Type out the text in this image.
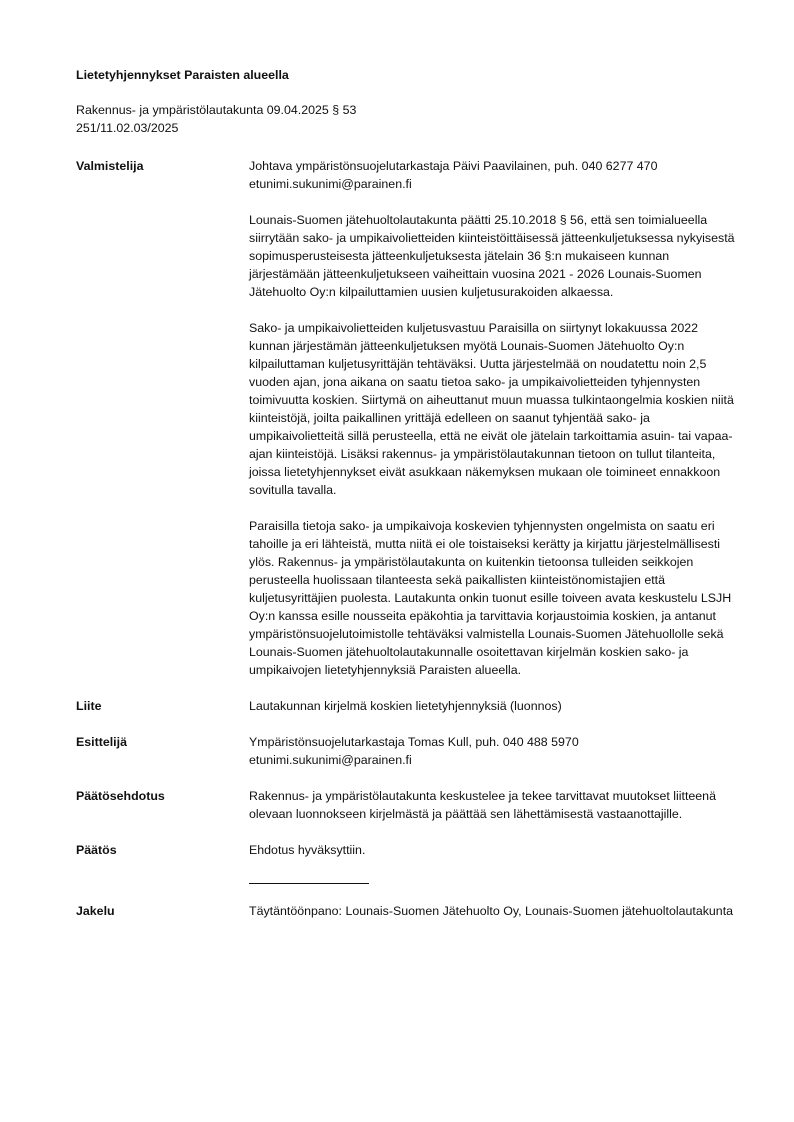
Lietetyhjennykset Paraisten alueella
Rakennus- ja ympäristölautakunta 09.04.2025 § 53
251/11.02.03/2025
Valmistelija	Johtava ympäristönsuojelutarkastaja Päivi Paavilainen, puh. 040 6277 470
etunimi.sukunimi@parainen.fi

Lounais-Suomen jätehuoltolautakunta päätti 25.10.2018 § 56, että sen toimialueella siirrytään sako- ja umpikaivolietteiden kiinteistöittäisessä jätteenkuljetuksessa nykyisestä sopimusperusteisesta jätteenkuljetuksesta jätelain 36 §:n mukaiseen kunnan järjestämään jätteenkuljetukseen vaiheittain vuosina 2021 - 2026 Lounais-Suomen Jätehuolto Oy:n kilpailuttamien uusien kuljetusurakoiden alkaessa.

Sako- ja umpikaivolietteiden kuljetusvastuu Paraisilla on siirtynyt lokakuussa 2022 kunnan järjestämän jätteenkuljetuksen myötä Lounais-Suomen Jätehuolto Oy:n kilpailuttaman kuljetusyrittäjän tehtäväksi. Uutta järjestelmää on noudatettu noin 2,5 vuoden ajan, jona aikana on saatu tietoa sako- ja umpikaivolietteiden tyhjennysten toimivuutta koskien. Siirtymä on aiheuttanut muun muassa tulkintaongelmia koskien niitä kiinteistöjä, joilta paikallinen yrittäjä edelleen on saanut tyhjentää sako- ja umpikaivolietteitä sillä perusteella, että ne eivät ole jätelain tarkoittamia asuin- tai vapaa-ajan kiinteistöjä. Lisäksi rakennus- ja ympäristölautakunnan tietoon on tullut tilanteita, joissa lietetyhjennykset eivät asukkaan näkemyksen mukaan ole toimineet ennakkoon sovitulla tavalla.

Paraisilla tietoja sako- ja umpikaivoja koskevien tyhjennysten ongelmista on saatu eri tahoille ja eri lähteistä, mutta niitä ei ole toistaiseksi kerätty ja kirjattu järjestelmällisesti ylös. Rakennus- ja ympäristölautakunta on kuitenkin tietoonsa tulleiden seikkojen perusteella huolissaan tilanteesta sekä paikallisten kiinteistönomistajien että kuljetusyrittäjien puolesta. Lautakunta onkin tuonut esille toiveen avata keskustelu LSJH Oy:n kanssa esille nousseita epäkohtia ja tarvittavia korjaustoimia koskien, ja antanut ympäristönsuojelutoimistolle tehtäväksi valmistella Lounais-Suomen Jätehuollolle sekä Lounais-Suomen jätehuoltolautakunnalle osoitettavan kirjelmän koskien sako- ja umpikaivojen lietetyhjennyksiä Paraisten alueella.

Liite	Lautakunnan kirjelmä koskien lietetyhjennyksiä (luonnos)
Esittelijä	Ympäristönsuojelutarkastaja Tomas Kull, puh. 040 488 5970
etunimi.sukunimi@parainen.fi
Päätösehdotus	Rakennus- ja ympäristölautakunta keskustelee ja tekee tarvittavat muutokset liitteenä olevaan luonnokseen kirjelmästä ja päättää sen lähettämisestä vastaanottajille.
Päätös	Ehdotus hyväksyttiin.
Jakelu	Täytäntöönpano: Lounais-Suomen Jätehuolto Oy, Lounais-Suomen jätehuoltolautakunta
